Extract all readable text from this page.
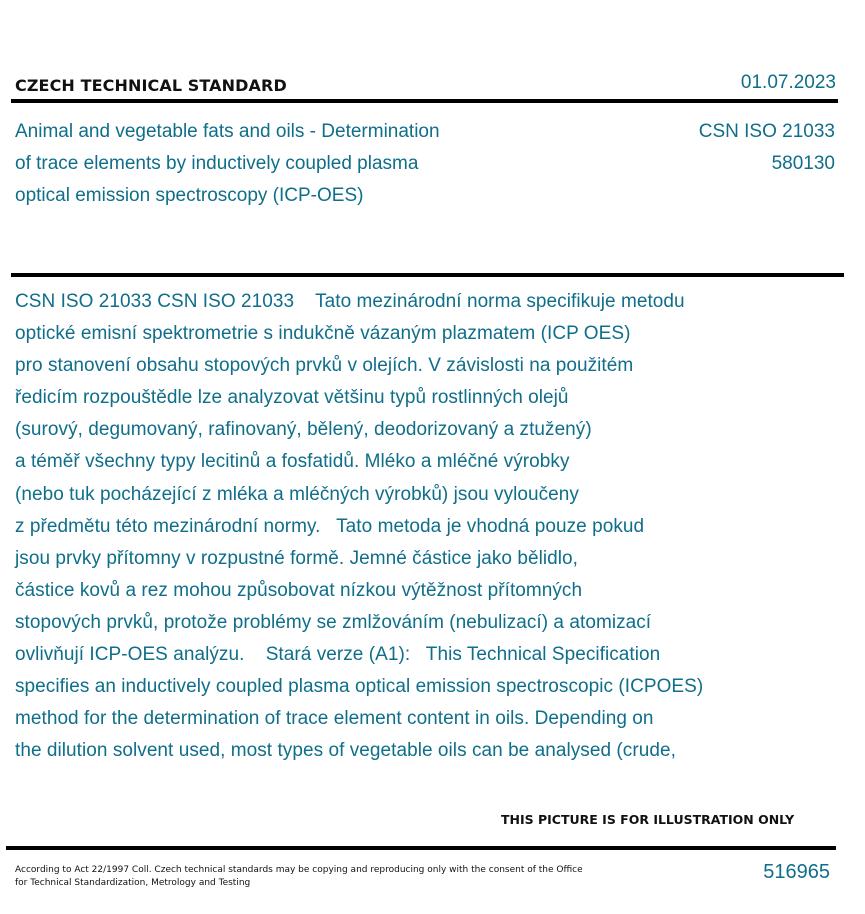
CZECH TECHNICAL STANDARD	01.07.2023
Animal and vegetable fats and oils - Determination
of trace elements by inductively coupled plasma
optical emission spectroscopy (ICP-OES)
CSN ISO 21033
580130
CSN ISO 21033 CSN ISO 21033    Tato mezinárodní norma specifikuje metodu
optické emisní spektrometrie s indukčně vázaným plazmatem (ICP OES)
pro stanovení obsahu stopových prvků v olejích. V závislosti na použitém
ředicím rozpouštědle lze analyzovat většinu typů rostlinných olejů
(surový, degumovaný, rafinovaný, bělený, deodorizovaný a ztužený)
a téměř všechny typy lecitinů a fosfatidů. Mléko a mléčné výrobky
(nebo tuk pocházející z mléka a mléčných výrobků) jsou vyloučeny
z předmětu této mezinárodní normy.   Tato metoda je vhodná pouze pokud
jsou prvky přítomny v rozpustné formě. Jemné částice jako bělidlo,
částice kovů a rez mohou způsobovat nízkou výtěžnost přítomných
stopových prvků, protože problémy se zmlžováním (nebulizací) a atomizací
ovlivňují ICP-OES analýzu.    Stará verze (A1):   This Technical Specification
specifies an inductively coupled plasma optical emission spectroscopic (ICPOES)
method for the determination of trace element content in oils. Depending on
the dilution solvent used, most types of vegetable oils can be analysed (crude,
THIS PICTURE IS FOR ILLUSTRATION ONLY
According to Act 22/1997 Coll. Czech technical standards may be copying and reproducing only with the consent of the Office
for Technical Standardization, Metrology and Testing	516965
